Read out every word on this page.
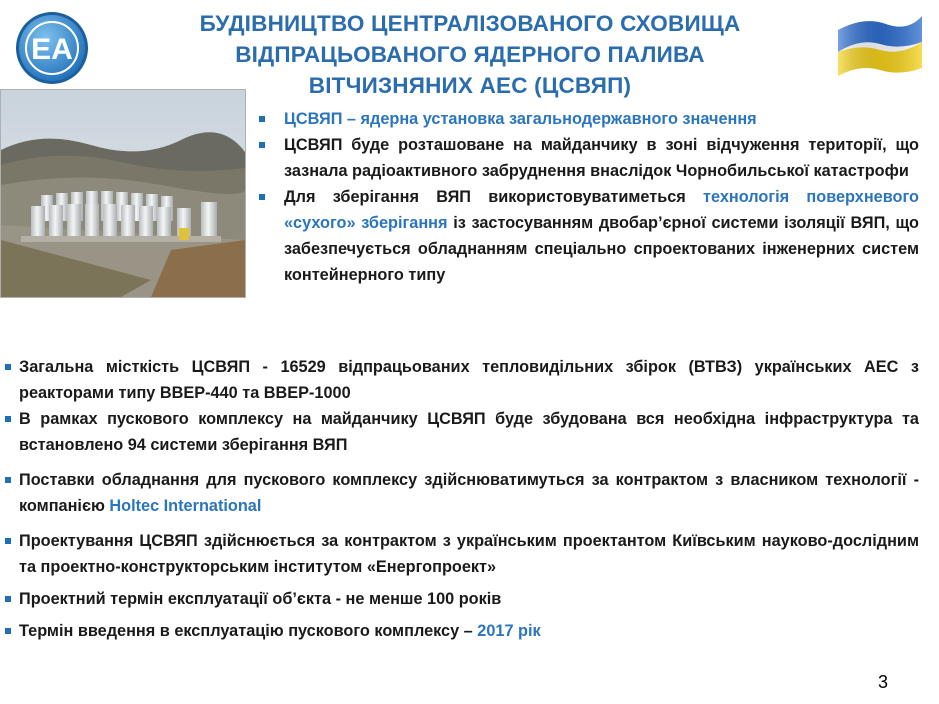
ЕА
БУДІВНИЦТВО ЦЕНТРАЛІЗОВАНОГО СХОВИЩА
ВІДПРАЦЬОВАНОГО ЯДЕРНОГО ПАЛИВА
ВІТЧИЗНЯНИХ АЕС (ЦСВЯП)
ЦСВЯП – ядерна установка загальнодержавного значення
ЦСВЯП буде розташоване на майданчику в зоні відчуження території, що зазнала радіоактивного забруднення внаслідок Чорнобильської катастрофи
Для зберігання ВЯП використовуватиметься технологія поверхневого «сухого» зберігання із застосуванням двобар’єрної системи ізоляції ВЯП, що забезпечується обладнанням спеціально спроектованих інженерних систем контейнерного типу
Загальна місткість ЦСВЯП - 16529 відпрацьованих тепловидільних збірок (ВТВЗ) українських АЕС з реакторами типу ВВЕР-440 та ВВЕР-1000
В рамках пускового комплексу на майданчику ЦСВЯП буде збудована вся необхідна інфраструктура та встановлено 94 системи зберігання ВЯП
Поставки обладнання для пускового комплексу здійснюватимуться за контрактом з власником технології - компанією Holtec International
Проектування ЦСВЯП здійснюється за контрактом з українським проектантом Київським науково-дослідним та проектно-конструкторським інститутом «Енергопроект»
Проектний термін експлуатації об’єкта - не менше 100 років
Термін введення в експлуатацію пускового комплексу – 2017 рік
3
